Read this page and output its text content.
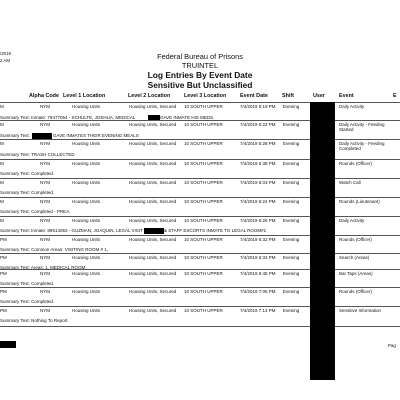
/2019
2 AM	Federal Bureau of Prisons
TRUINTEL
Log Entries By Event Date
Sensitive But Unclassified
Alpha Code Level 1 Location	Level 2 Location	Level 3 Location	Event Date	Shift	User	Event	E
M	NYM	Housing Units	Housing Units, Secured 10 SOUTH UPPER	7/4/2019 5:19 PM Evening	Daily Activity
Summary Text: Inmate: 79477054 - SCHULTE, JOSHUA, MEDICAL	GAVE INMATE HIS MEDS.
M	NYM	Housing Units	Housing Units, Secured 10 SOUTH UPPER	7/4/2019 5:22 PM Evening	Daily Activity - Feeding
Started
Summary Text:	GAVE INMATES THEIR EVENING MEALS
M	NYM	Housing Units	Housing Units, Secured 10 SOUTH UPPER	7/4/2019 5:28 PM Evening	Daily Activity - Feeding
Completed
Summary Text: TRASH COLLECTED
M	NYM	Housing Units	Housing Units, Secured 10 SOUTH UPPER	7/4/2019 5:38 PM Evening	Rounds (Officer)
Summary Text: Completed.
M	NYM	Housing Units	Housing Units, Secured 10 SOUTH UPPER	7/4/2019 6:03 PM Evening	Watch Call
Summary Text: Completed.
M	NYM	Housing Units	Housing Units, Secured 10 SOUTH UPPER	7/4/2019 6:24 PM Evening	Rounds (Lieutenant)
Summary Text: Completed - PREA.
M	NYM	Housing Units	Housing Units, Secured 10 SOUTH UPPER	7/4/2019 6:26 PM Evening	Daily Activity
Summary Text: Inmate: 89614053 - GUZMAN, JOAQUIN, LEGAL VISIT	& STAFF ESCORTS INMATE TO LEGAL ROOM#1
PM	NYM	Housing Units	Housing Units, Secured 10 SOUTH UPPER	7/4/2019 6:32 PM Evening	Rounds (Officer)
Summary Text: Common Areas: VISITING ROOM # 1,
PM	NYM	Housing Units	Housing Units, Secured 10 SOUTH UPPER	7/4/2019 6:34 PM Evening	Search (Areas)
Summary Text: Areas: 1, MEDICAL ROOM
PM	NYM	Housing Units	Housing Units, Secured 10 SOUTH UPPER	7/4/2019 6:48 PM Evening	Bar Taps (Areas)
Summary Text: Completed.
PM	NYM	Housing Units	Housing Units, Secured 10 SOUTH UPPER	7/4/2019 7:06 PM Evening	Rounds (Officer)
Summary Text: Completed.
PM	NYM	Housing Units	Housing Units, Secured 10 SOUTH UPPER	7/4/2019 7:13 PM Evening	Sensitive Information
Summary Text: Nothing To Report.
Pag
